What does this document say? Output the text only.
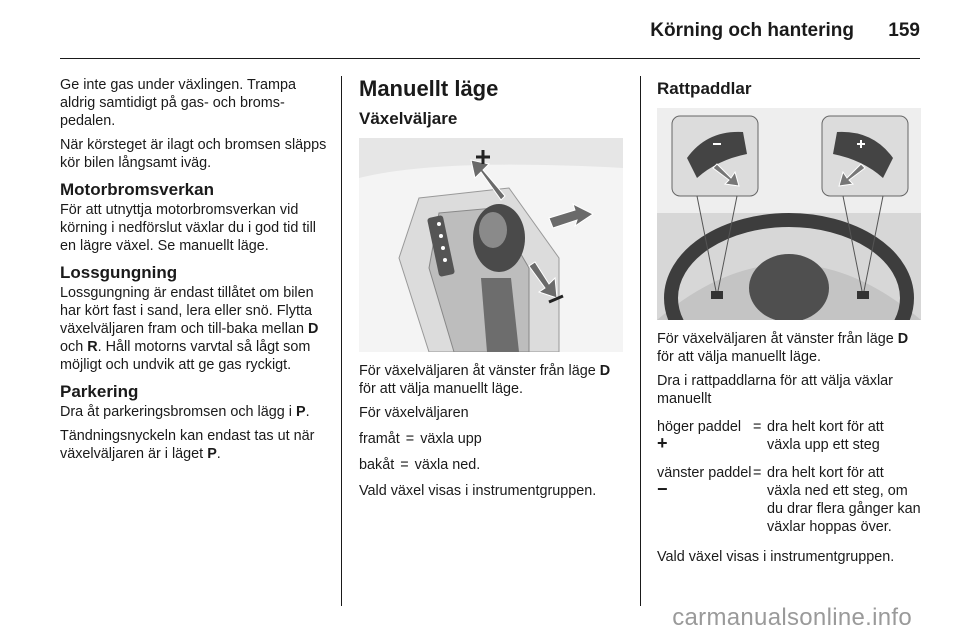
Körning och hantering 159

Ge inte gas under växlingen. Trampa aldrig samtidigt på gas- och broms-pedalen.

När körsteget är ilagt och bromsen släpps kör bilen långsamt iväg.

Motorbromsverkan

För att utnyttja motorbromsverkan vid körning i nedförslut växlar du i god tid till en lägre växel. Se manuellt läge.

Lossgungning

Lossgungning är endast tillåtet om bilen har kört fast i sand, lera eller snö. Flytta växelväljaren fram och till-baka mellan D och R. Håll motorns varvtal så lågt som möjligt och undvik att ge gas ryckigt.

Parkering

Dra åt parkeringsbromsen och lägg i P.

Tändningsnyckeln kan endast tas ut när växelväljaren är i läget P.

Manuellt läge
Växelväljare

För växelväljaren åt vänster från läge D för att välja manuellt läge.

För växelväljaren

framåt = växla upp
bakåt = växla ned.

Vald växel visas i instrumentgruppen.

Rattpaddlar

För växelväljaren åt vänster från läge D för att välja manuellt läge.

Dra i rattpaddlarna för att välja växlar manuellt

höger paddel +
= dra helt kort för att växla upp ett steg
vänster paddel −
= dra helt kort för att växla ned ett steg, om du drar flera gånger kan växlar hoppas över.

Vald växel visas i instrumentgruppen.

carmanualsonline.info
